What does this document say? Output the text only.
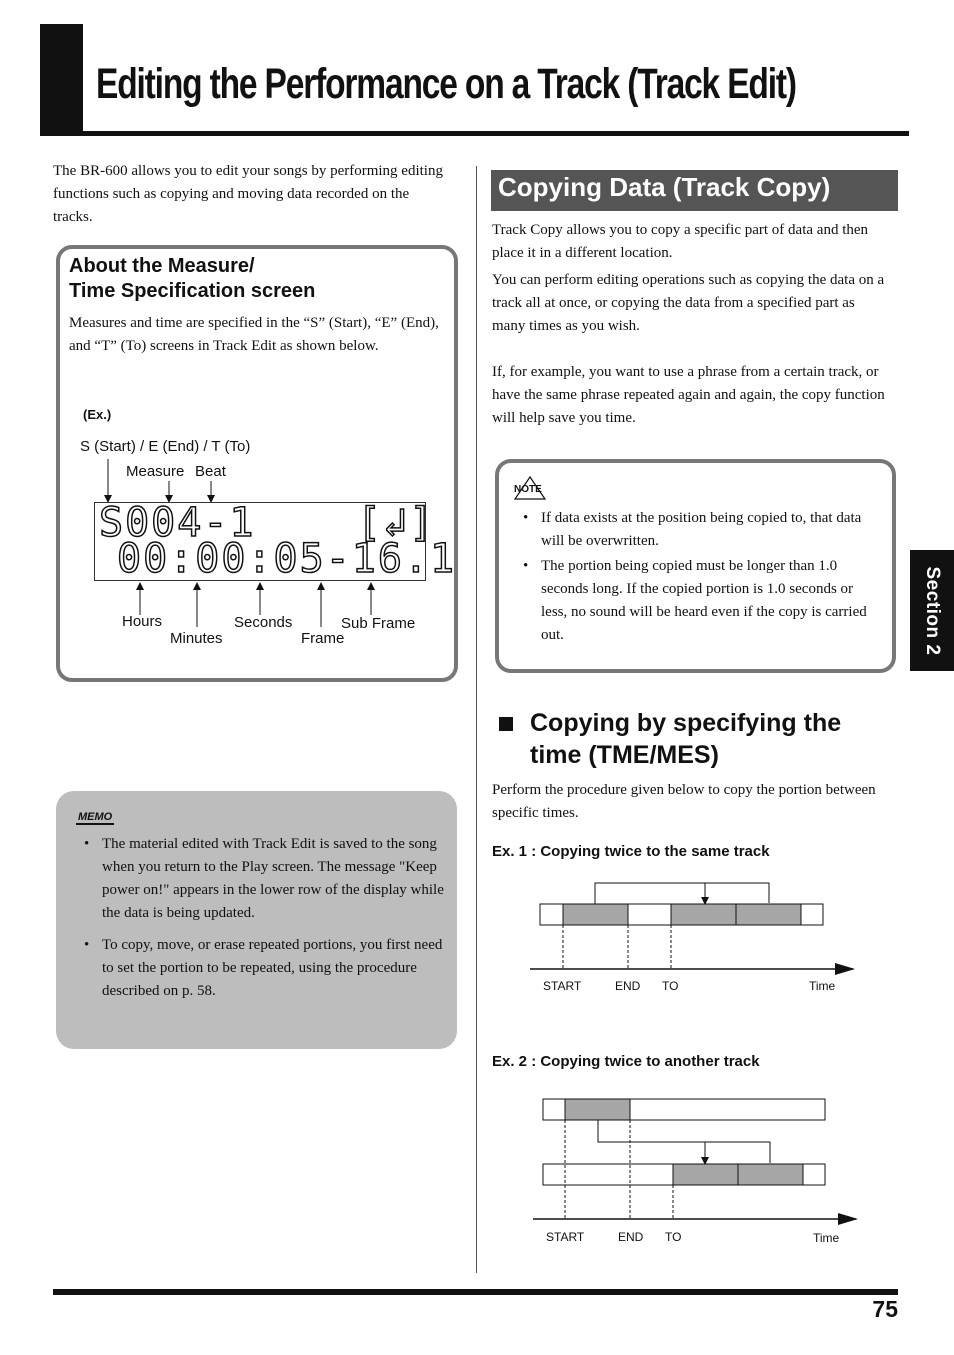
Editing the Performance on a Track (Track Edit)
Section 2
The BR-600 allows you to edit your songs by performing editing functions such as copying and moving data recorded on the tracks.
About the Measure/
Time Specification screen
Measures and time are specified in the “S” (Start), “E” (End), and “T” (To) screens in Track Edit as shown below.
(Ex.)
S (Start) / E (End) / T (To)
Measure Beat
S004-1	[↲]
00:00:05-16.1
Hours
Minutes
Seconds
Frame
Sub Frame
MEMO
• The material edited with Track Edit is saved to the song when you return to the Play screen. The message "Keep power on!" appears in the lower row of the display while the data is being updated.
• To copy, move, or erase repeated portions, you first need to set the portion to be repeated, using the procedure described on p. 58.
Copying Data (Track Copy)
Track Copy allows you to copy a specific part of data and then place it in a different location.
You can perform editing operations such as copying the data on a track all at once, or copying the data from a specified part as many times as you wish.
If, for example, you want to use a phrase from a certain track, or have the same phrase repeated again and again, the copy function will help save you time.
NOTE
• If data exists at the position being copied to, that data will be overwritten.
• The portion being copied must be longer than 1.0 seconds long. If the copied portion is 1.0 seconds or less, no sound will be heard even if the copy is carried out.
Copying by specifying the time (TME/MES)
Perform the procedure given below to copy the portion between specific times.
Ex. 1 : Copying twice to the same track
START	END TO	Time
Ex. 2 : Copying twice to another track
START	END TO	Time
75
